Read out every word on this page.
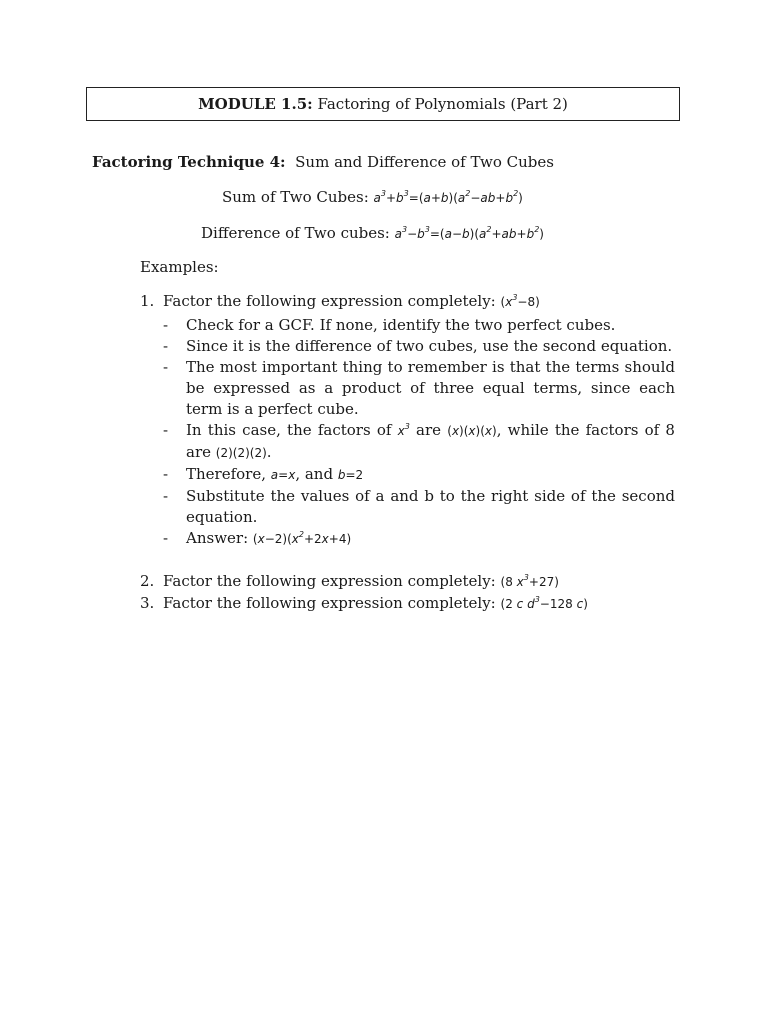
MODULE 1.5: Factoring of Polynomials (Part 2)
Factoring Technique 4: Sum and Difference of Two Cubes
Sum of Two Cubes: $a^3+b^3=(a+b)(a^2-ab+b^2)$
Difference of Two cubes: $a^3-b^3=(a-b)(a^2+ab+b^2)$
Examples:
1. Factor the following expression completely: $(x^3-8)$
- Check for a GCF. If none, identify the two perfect cubes.
- Since it is the difference of two cubes, use the second equation.
- The most important thing to remember is that the terms should be expressed as a product of three equal terms, since each term is a perfect cube.
- In this case, the factors of $x^3$ are (x)(x)(x), while the factors of 8 are (2)(2)(2).
- Therefore, a=x, and b=2
- Substitute the values of a and b to the right side of the second equation.
- Answer: $(x-2)(x^2+2x+4)$
2. Factor the following expression completely: (8 $x^3+27$)
3. Factor the following expression completely: (2 c $d^3-128$ c)
